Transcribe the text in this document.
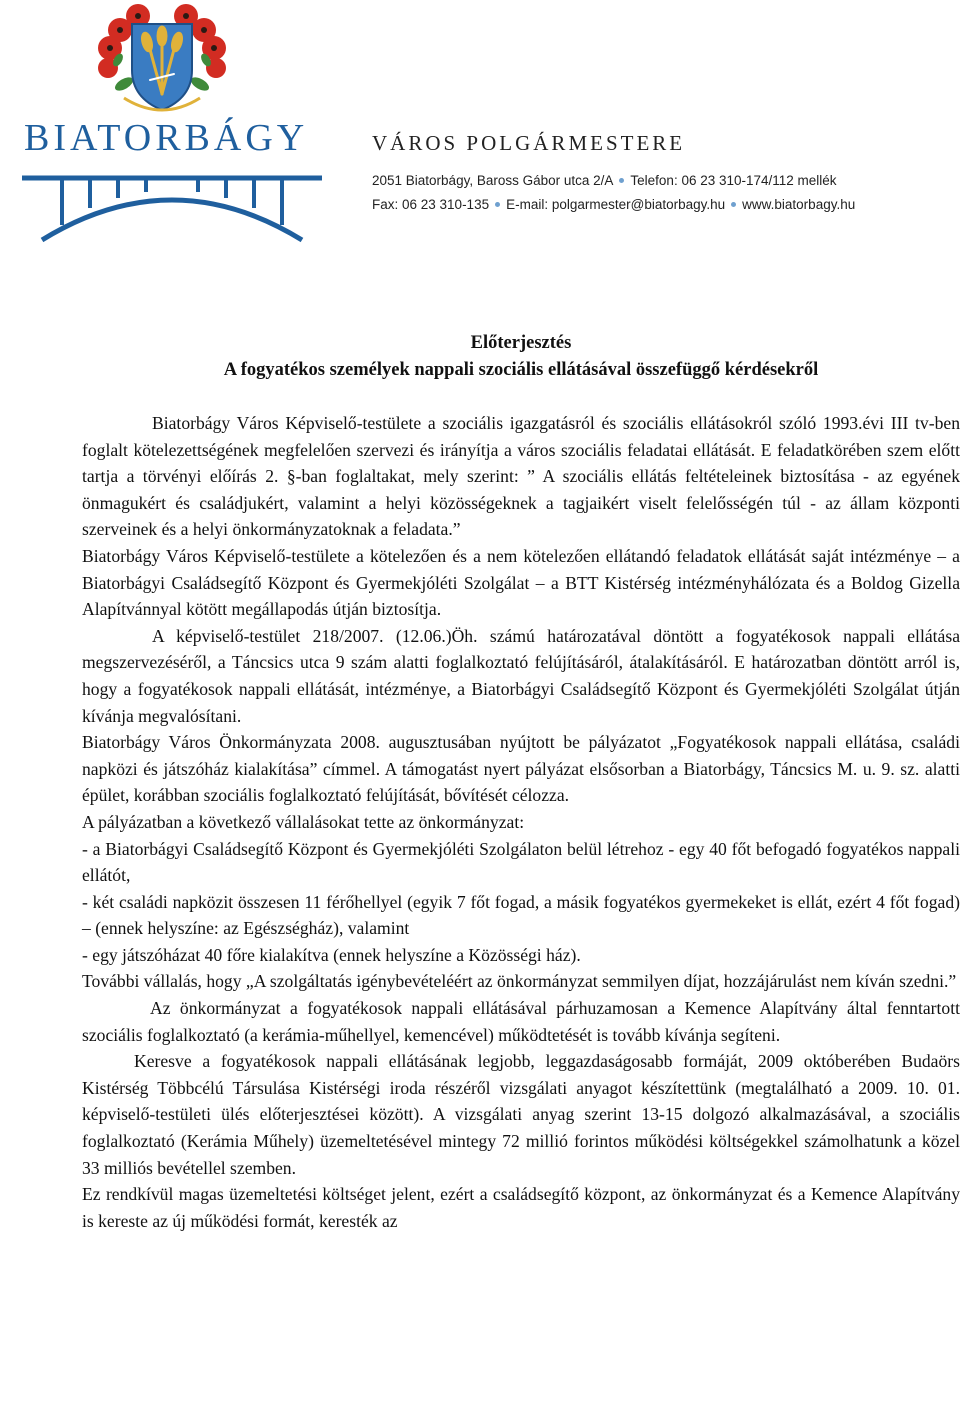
BIATORBÁGY	VÁROS POLGÁRMESTERE
2051 Biatorbágy, Baross Gábor utca 2/A Telefon: 06 23 310-174/112 mellék
Fax: 06 23 310-135 E-mail: polgarmester@biatorbagy.hu www.biatorbagy.hu
Előterjesztés
A fogyatékos személyek nappali szociális ellátásával összefüggő kérdésekről

Biatorbágy Város Képviselő-testülete a szociális igazgatásról és szociális ellátásokról szóló 1993.évi III tv-ben foglalt kötelezettségének megfelelően szervezi és irányítja a város szociális feladatai ellátását. E feladatkörében szem előtt tartja a törvényi előírás 2. §-ban foglaltakat, mely szerint: ” A szociális ellátás feltételeinek biztosítása - az egyének önmagukért és családjukért, valamint a helyi közösségeknek a tagjaikért viselt felelősségén túl - az állam központi szerveinek és a helyi önkormányzatoknak a feladata.”

Biatorbágy Város Képviselő-testülete a kötelezően és a nem kötelezően ellátandó feladatok ellátását saját intézménye – a Biatorbágyi Családsegítő Központ és Gyermekjóléti Szolgálat – a BTT Kistérség intézményhálózata és a Boldog Gizella Alapítvánnyal kötött megállapodás útján biztosítja.

A képviselő-testület 218/2007. (12.06.)Öh. számú határozatával döntött a fogyatékosok nappali ellátása megszervezéséről, a Táncsics utca 9 szám alatti foglalkoztató felújításáról, átalakításáról. E határozatban döntött arról is, hogy a fogyatékosok nappali ellátását, intézménye, a Biatorbágyi Családsegítő Központ és Gyermekjóléti Szolgálat útján kívánja megvalósítani.

Biatorbágy Város Önkormányzata 2008. augusztusában nyújtott be pályázatot „Fogyatékosok nappali ellátása, családi napközi és játszóház kialakítása” címmel. A támogatást nyert pályázat elsősorban a Biatorbágy, Táncsics M. u. 9. sz. alatti épület, korábban szociális foglalkoztató felújítását, bővítését célozza.

A pályázatban a következő vállalásokat tette az önkormányzat:

- a Biatorbágyi Családsegítő Központ és Gyermekjóléti Szolgálaton belül létrehoz - egy 40 főt befogadó fogyatékos nappali ellátót,

- két családi napközit összesen 11 férőhellyel (egyik 7 főt fogad, a másik fogyatékos gyermekeket is ellát, ezért 4 főt fogad) – (ennek helyszíne: az Egészségház), valamint

- egy játszóházat 40 főre kialakítva (ennek helyszíne a Közösségi ház).

További vállalás, hogy „A szolgáltatás igénybevételéért az önkormányzat semmilyen díjat, hozzájárulást nem kíván szedni.”

Az önkormányzat a fogyatékosok nappali ellátásával párhuzamosan a Kemence Alapítvány által fenntartott szociális foglalkoztató (a kerámia-műhellyel, kemencével) működtetését is tovább kívánja segíteni.

Keresve a fogyatékosok nappali ellátásának legjobb, leggazdaságosabb formáját, 2009 októberében Budaörs Kistérség Többcélú Társulása Kistérségi iroda részéről vizsgálati anyagot készítettünk (megtalálható a 2009. 10. 01. képviselő-testületi ülés előterjesztései között). A vizsgálati anyag szerint 13-15 dolgozó alkalmazásával, a szociális foglalkoztató (Kerámia Műhely) üzemeltetésével mintegy 72 millió forintos működési költségekkel számolhatunk a közel 33 milliós bevétellel szemben.

Ez rendkívül magas üzemeltetési költséget jelent, ezért a családsegítő központ, az önkormányzat és a Kemence Alapítvány is kereste az új működési formát, keresték az
